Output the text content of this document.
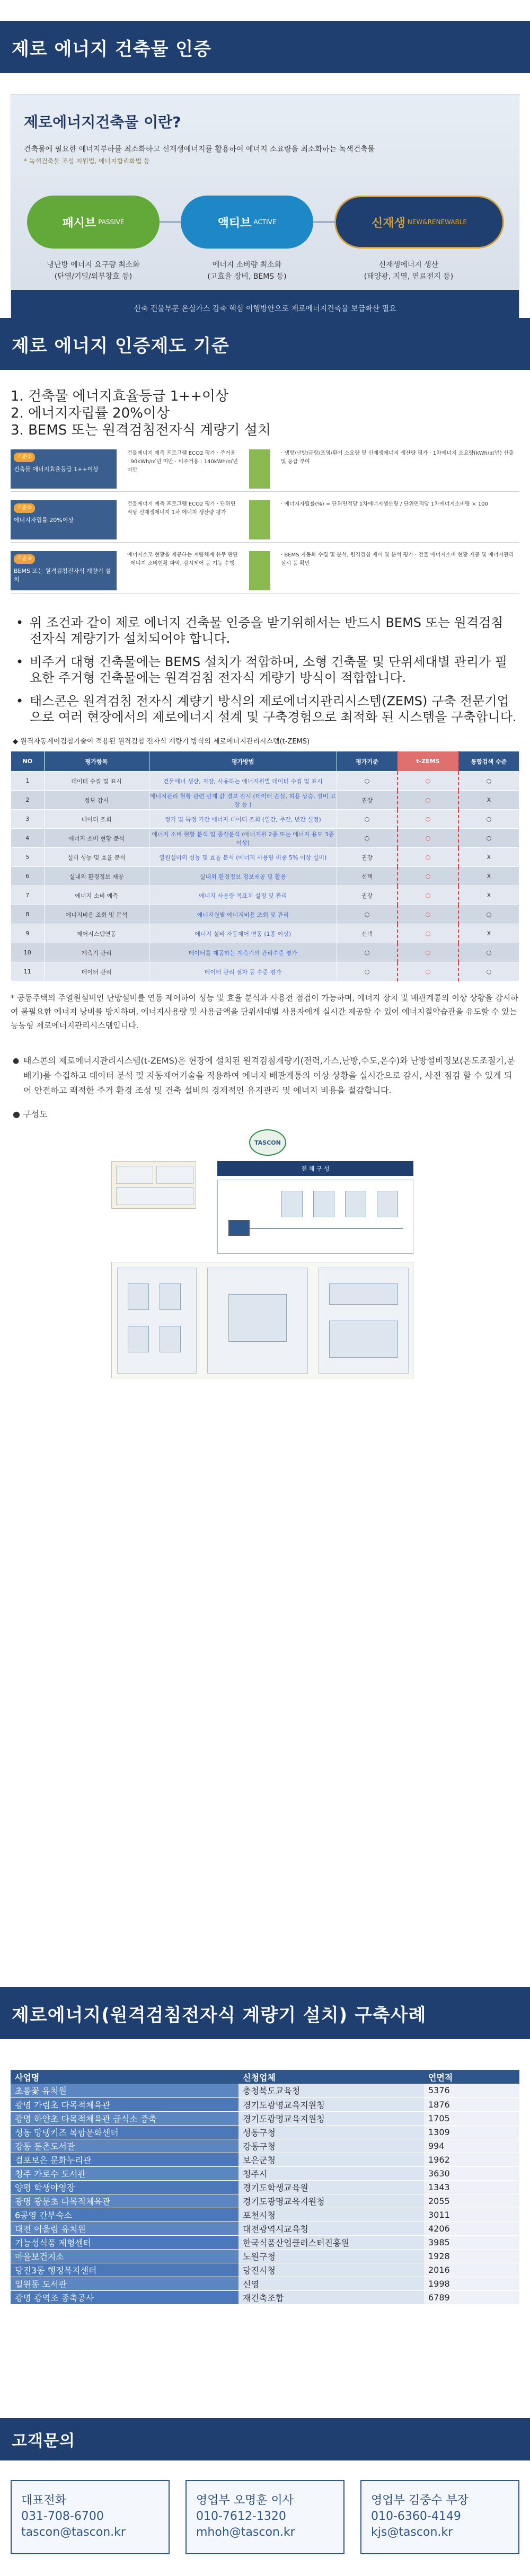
제로 에너지 건축물 인증
제로에너지건축물 이란?
건축물에 필요한 에너지부하를 최소화하고 신재생에너지를 활용하여 에너지 소요량을 최소화하는 녹색건축물
* 녹색건축물 조성 지원법, 에너지합리화법 등
패시브 PASSIVE	액티브 ACTIVE	신재생 NEW&RENEWABLE
냉난방 에너지 요구량 최소화
(단열/기밀/외부창호 등)
에너지 소비량 최소화
(고효율 장비, BEMS 등)
신재생에너지 생산
(태양광, 지열, 연료전지 등)
신축 건물부문 온실가스 감축 핵심 이행방안으로 제로에너지건축물 보급확산 필요
제로 에너지 인증제도 기준
1. 건축물 에너지효율등급 1++이상
2. 에너지자립률 20%이상
3. BEMS 또는 원격검침전자식 계량기 설치
기준①
건축물 에너지효율등급 1++이상
건물에너지 예측 프로그램 ECO2 평가 · 주거용 : 90kWh/㎡년 미만 · 비주거용 : 140kWh/㎡년 미만
· 냉방/난방/급탕/조명/환기 소요량 및 신재생에너지 생산량 평가 · 1차에너지 소요량(kWh/㎡년) 산출 및 등급 부여
기준②
에너지자립률 20%이상
건물에너지 예측 프로그램 ECO2 평가 · 단위면적당 신재생에너지 1차 에너지 생산량 평가
· 에너지자립률(%) = 단위면적당 1차에너지생산량 / 단위면적당 1차에너지소비량 × 100
기준③
BEMS 또는 원격검침전자식 계량기 설치
에너지소모 현황을 제공하는 계량체계 유무 판단 · 에너지 소비현황 파악, 감시제어 등 기능 수행
· BEMS 자동화 수집 및 분석, 원격검침 제어 및 분석 평가 · 건물 에너지소비 현황 제공 및 에너지관리 실시 등 확인
• 위 조건과 같이 제로 에너지 건축물 인증을 받기위해서는 반드시 BEMS 또는 원격검침 전자식 계량기가 설치되어야 합니다.
• 비주거 대형 건축물에는 BEMS 설치가 적합하며, 소형 건축물 및 단위세대별 관리가 필요한 주거형 건축물에는 원격검침 전자식 계량기 방식이 적합합니다.
• 태스콘은 원격검침 전자식 계량기 방식의 제로에너지관리시스템(ZEMS) 구축 전문기업으로 여러 현장에서의 제로에너지 설계 및 구축경험으로 최적화 된 시스템을 구축합니다.
◆ 원격자동제어검침기술이 적용된 원격검침 전자식 계량기 방식의 제로에너지관리시스템(t-ZEMS)
NO	평가항목	평가방법	평가기준	t-ZEMS	통합검색 수준
1	데이터 수집 및 표시	건물에너 생산, 저장, 사용하는 에너지원별 데이터 수집 및 표시	○	○	○
2	정보 감시	에너지관리 현황 관련 관제 값 경보 감시 (데이터 손실, 허용 상승, 설비 고장 등 )	권장	○	X
3	데이터 조회	정기 및 특정 기간 에너지 데이터 조회 (일간, 주간, 년간 설정)	○	○	○
4	에너지 소비 현황 분석	에너지 소비 현황 분석 및 종감분석 (에너지원 2종 또는 에너지 용도 3종 이상)	○	○	○
5	설비 성능 및 효율 분석	열원설비의 성능 및 효율 분석 (에너지 사용량 비중 5% 이상 설비)	권장	○	X
6	실내외 환경정보 제공	실내외 환경정보 정보제공 및 활용	선택	○	X
7	에너지 소비 예측	에너지 사용량 목표치 설정 및 관리	권장	○	X
8	에너지비용 조회 및 분석	에너지원별 에너지비용 조회 및 관리	○	○	○
9	제어시스템연동	에너지 설비 자동제어 연동 (1종 이상)	선택	○	X
10	계측기 관리	데이터를 제공하는 계측기의 관리수준 평가	○	○	○
11	데이터 관리	데이터 관리 절차 등 수준 평가	○	○	○
* 공동주택의 주열원설비인 난방설비를 연동 제어하여 성능 및 효율 분석과 사용전 점검이 가능하며, 에너지 장치 및 배관계통의 이상 상황을 감시하여 불필요한 에너지 낭비를 방지하며, 에너지사용량 및 사용금액을 단위세대별 사용자에게 실시간 제공할 수 있어 에너지절약습관을 유도할 수 있는 능동형 제로에너지관리시스템입니다.
● 태스콘의 제로에너지관리시스템(t-ZEMS)은 현장에 설치된 원격검침계량기(전력,가스,난방,수도,온수)와 난방설비정보(온도조절기,분배기)를 수집하고 데이터 분석 및 자동제어기술을 적용하여 에너지 배관계통의 이상 상황을 실시간으로 감시, 사전 점검 할 수 있게 되어 안전하고 쾌적한 주거 환경 조성 및 건축 설비의 경제적인 유지관리 및 에너지 비용을 절감합니다.
● 구성도
TASCON
전 체 구 성
제로에너지(원격검침전자식 계량기 설치) 구축사례
사업명	신청업체	연면적
초롱꽃 유치원	충청북도교육청	5376
광명 가림초 다목적체육관	경기도광명교육지원청	1876
광명 하얀초 다목적체육관 급식소 증축	경기도광명교육지원청	1705
성동 망뎅키즈 복합문화센터	성동구청	1309
강동 둔촌도서관	강동구청	994
걸포보은 문화누리관	보은군청	1962
청주 가로수 도서관	청주시	3630
양평 학생야영장	경기도학생교육원	1343
광명 광문초 다목적체육관	경기도광명교육지원청	2055
6공영 간부숙소	포천시청	3011
대전 어울림 유치원	대전광역시교육청	4206
기능성식품 제형센터	한국식품산업클러스터진흥원	3985
마을보건지소	노원구청	1928
당진3동 행정복지센터	당진시청	2016
일원동 도서관	신영	1998
광명 광역조 종축공사	재건축조합	6789
고객문의
대표전화
031-708-6700
tascon@tascon.kr
영업부 오명훈 이사
010-7612-1320
mhoh@tascon.kr
영업부 김중수 부장
010-6360-4149
kjs@tascon.kr
